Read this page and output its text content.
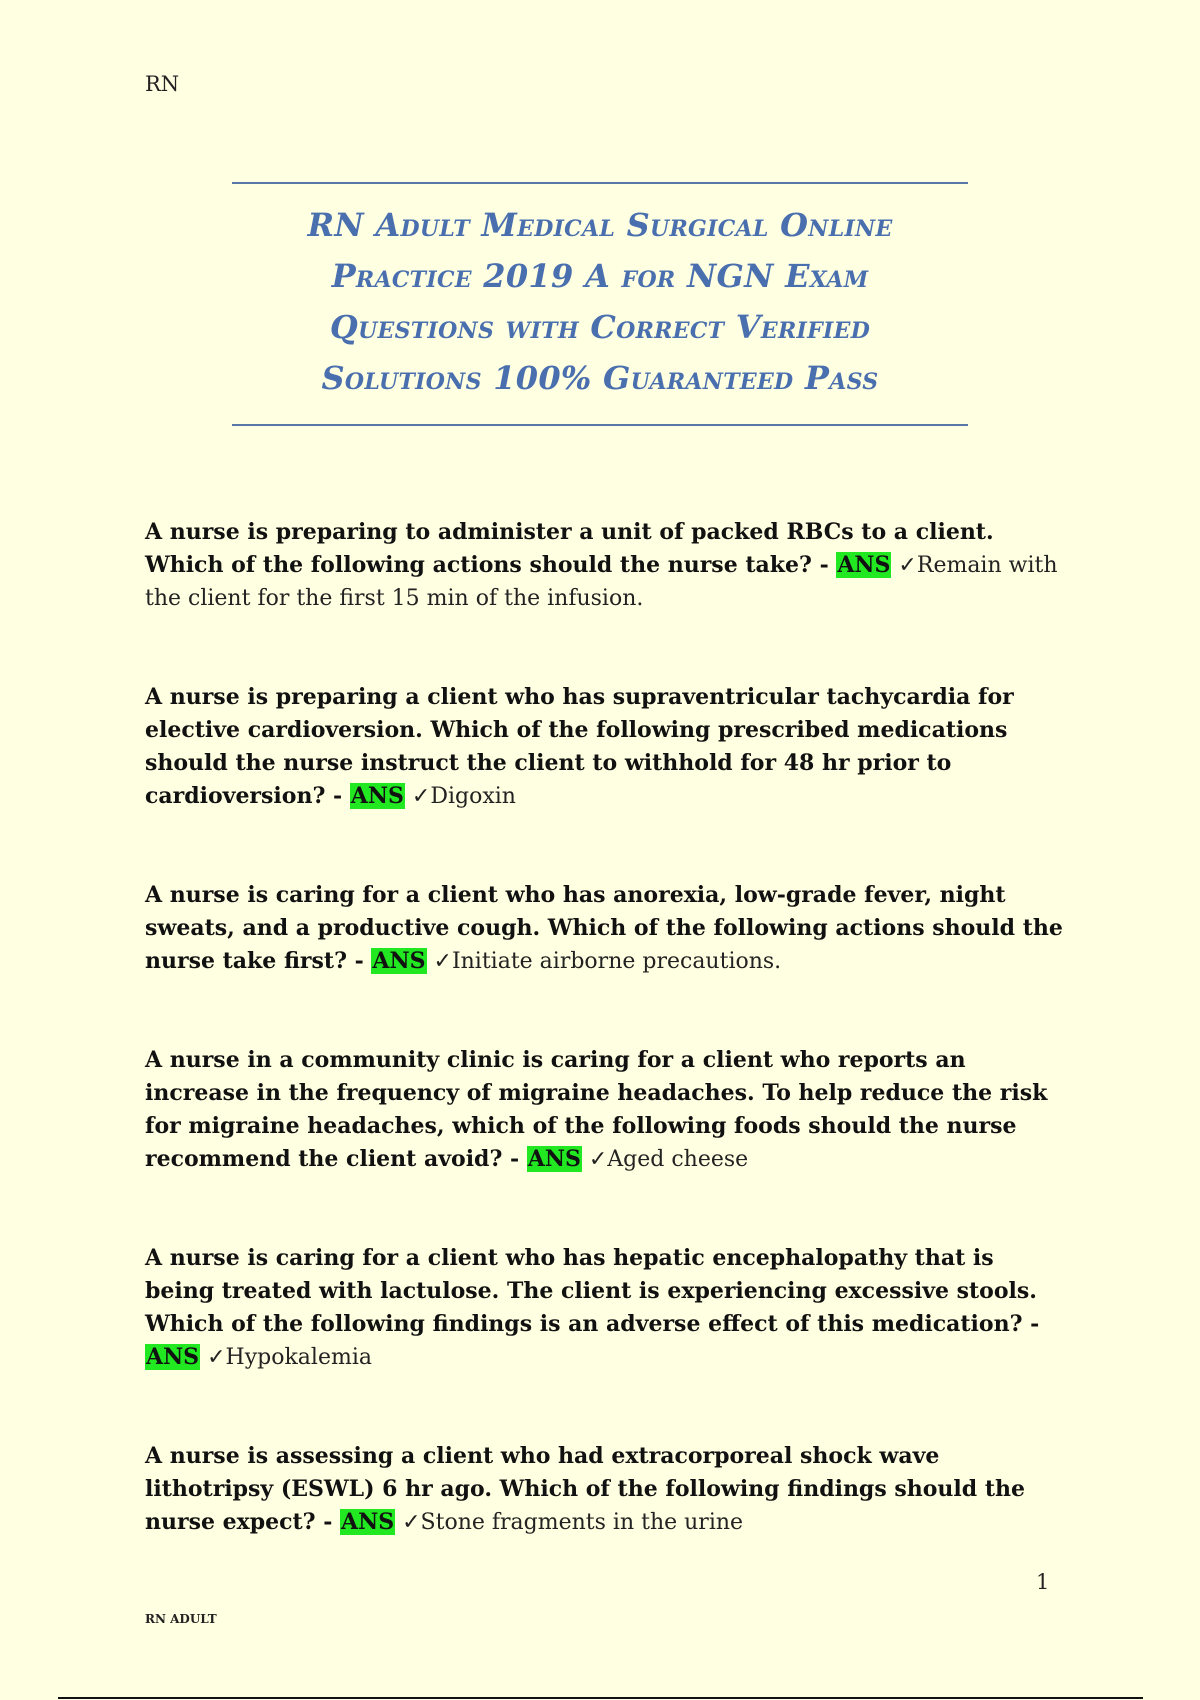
RN
RN Adult Medical Surgical Online
Practice 2019 A for NGN Exam
Questions with Correct Verified
Solutions 100% Guaranteed Pass
A nurse is preparing to administer a unit of packed RBCs to a client. Which of the following actions should the nurse take? - ANS ✓Remain with the client for the first 15 min of the infusion.
A nurse is preparing a client who has supraventricular tachycardia for elective cardioversion. Which of the following prescribed medications should the nurse instruct the client to withhold for 48 hr prior to cardioversion? - ANS ✓Digoxin
A nurse is caring for a client who has anorexia, low-grade fever, night sweats, and a productive cough. Which of the following actions should the nurse take first? - ANS ✓Initiate airborne precautions.
A nurse in a community clinic is caring for a client who reports an increase in the frequency of migraine headaches. To help reduce the risk for migraine headaches, which of the following foods should the nurse recommend the client avoid? - ANS ✓Aged cheese
A nurse is caring for a client who has hepatic encephalopathy that is being treated with lactulose. The client is experiencing excessive stools. Which of the following findings is an adverse effect of this medication? - ANS ✓Hypokalemia
A nurse is assessing a client who had extracorporeal shock wave lithotripsy (ESWL) 6 hr ago. Which of the following findings should the nurse expect? - ANS ✓Stone fragments in the urine
1
RN ADULT
